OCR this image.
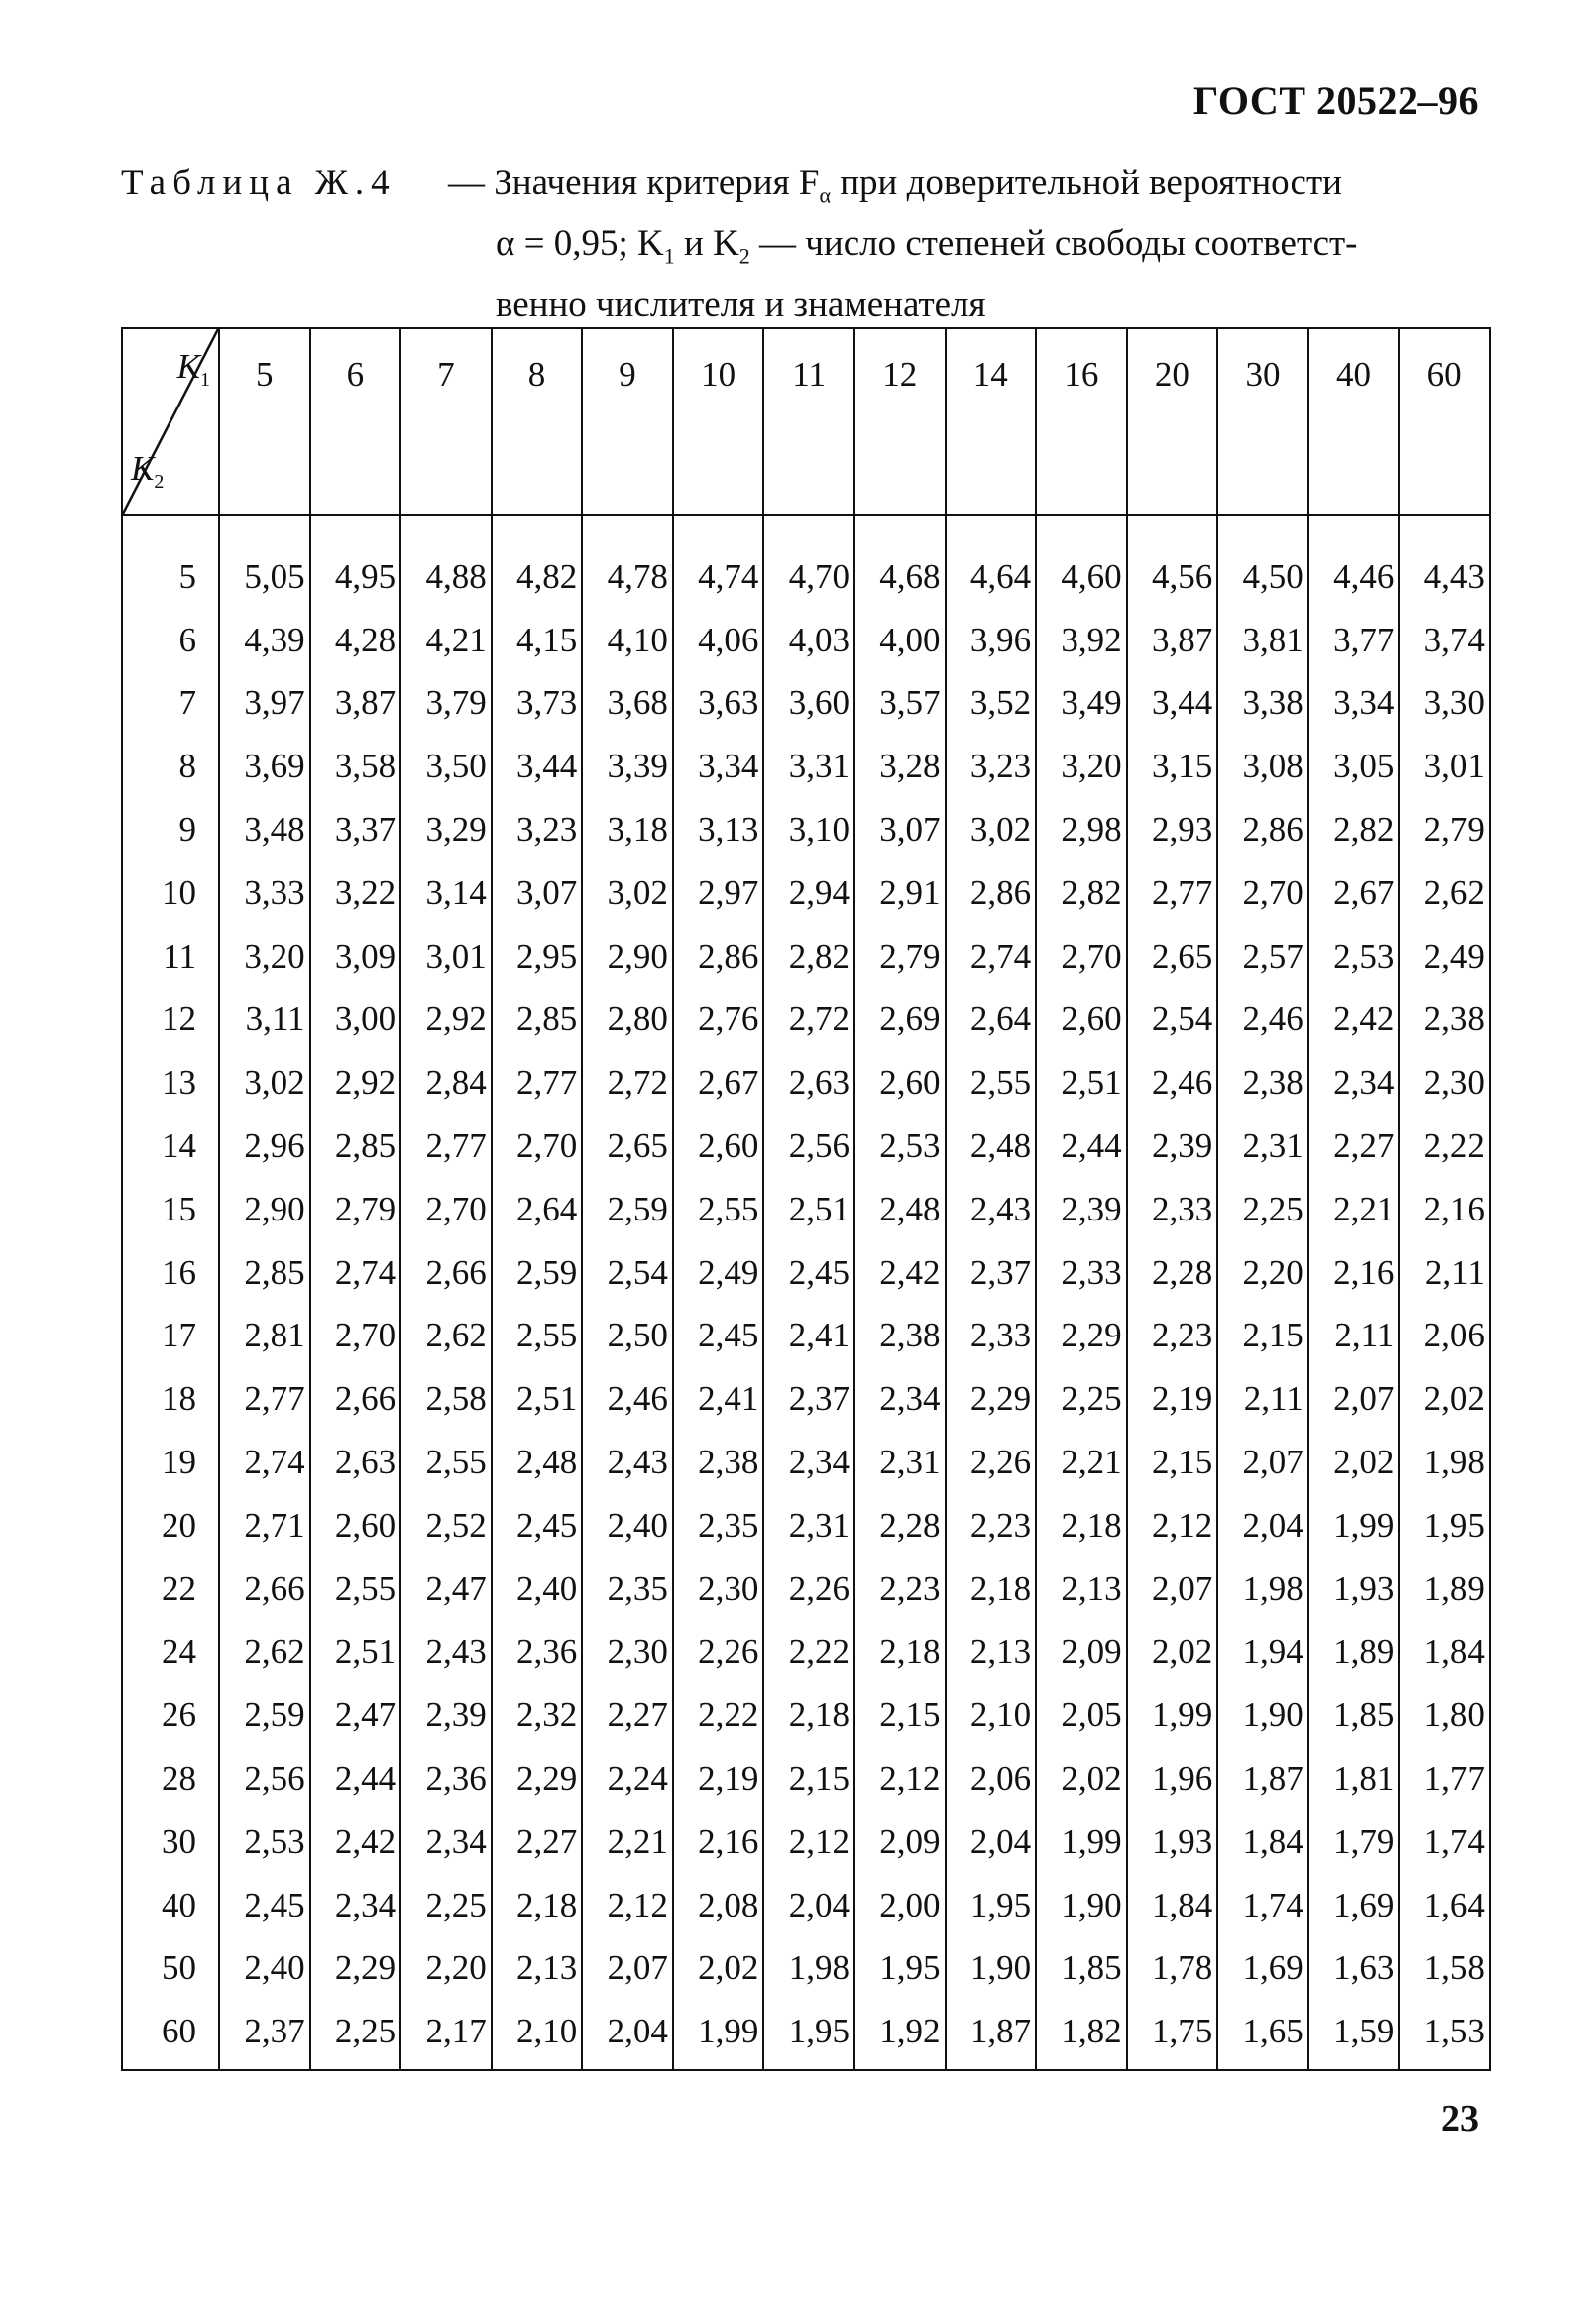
ГОСТ 20522–96
Таблица Ж.4 — Значения критерия $F_\alpha$ при доверительной вероятности
α = 0,95; $K_1$ и $K_2$ — число степеней свободы соответст-
венно числителя и знаменателя
$K_1$
$K_2$	5	6	7	8	9	10	11	12	14	16	20	30	40	60
5	5,05	4,95	4,88	4,82	4,78	4,74	4,70	4,68	4,64	4,60	4,56	4,50	4,46	4,43
6	4,39	4,28	4,21	4,15	4,10	4,06	4,03	4,00	3,96	3,92	3,87	3,81	3,77	3,74
7	3,97	3,87	3,79	3,73	3,68	3,63	3,60	3,57	3,52	3,49	3,44	3,38	3,34	3,30
8	3,69	3,58	3,50	3,44	3,39	3,34	3,31	3,28	3,23	3,20	3,15	3,08	3,05	3,01
9	3,48	3,37	3,29	3,23	3,18	3,13	3,10	3,07	3,02	2,98	2,93	2,86	2,82	2,79
10	3,33	3,22	3,14	3,07	3,02	2,97	2,94	2,91	2,86	2,82	2,77	2,70	2,67	2,62
11	3,20	3,09	3,01	2,95	2,90	2,86	2,82	2,79	2,74	2,70	2,65	2,57	2,53	2,49
12	3,11	3,00	2,92	2,85	2,80	2,76	2,72	2,69	2,64	2,60	2,54	2,46	2,42	2,38
13	3,02	2,92	2,84	2,77	2,72	2,67	2,63	2,60	2,55	2,51	2,46	2,38	2,34	2,30
14	2,96	2,85	2,77	2,70	2,65	2,60	2,56	2,53	2,48	2,44	2,39	2,31	2,27	2,22
15	2,90	2,79	2,70	2,64	2,59	2,55	2,51	2,48	2,43	2,39	2,33	2,25	2,21	2,16
16	2,85	2,74	2,66	2,59	2,54	2,49	2,45	2,42	2,37	2,33	2,28	2,20	2,16	2,11
17	2,81	2,70	2,62	2,55	2,50	2,45	2,41	2,38	2,33	2,29	2,23	2,15	2,11	2,06
18	2,77	2,66	2,58	2,51	2,46	2,41	2,37	2,34	2,29	2,25	2,19	2,11	2,07	2,02
19	2,74	2,63	2,55	2,48	2,43	2,38	2,34	2,31	2,26	2,21	2,15	2,07	2,02	1,98
20	2,71	2,60	2,52	2,45	2,40	2,35	2,31	2,28	2,23	2,18	2,12	2,04	1,99	1,95
22	2,66	2,55	2,47	2,40	2,35	2,30	2,26	2,23	2,18	2,13	2,07	1,98	1,93	1,89
24	2,62	2,51	2,43	2,36	2,30	2,26	2,22	2,18	2,13	2,09	2,02	1,94	1,89	1,84
26	2,59	2,47	2,39	2,32	2,27	2,22	2,18	2,15	2,10	2,05	1,99	1,90	1,85	1,80
28	2,56	2,44	2,36	2,29	2,24	2,19	2,15	2,12	2,06	2,02	1,96	1,87	1,81	1,77
30	2,53	2,42	2,34	2,27	2,21	2,16	2,12	2,09	2,04	1,99	1,93	1,84	1,79	1,74
40	2,45	2,34	2,25	2,18	2,12	2,08	2,04	2,00	1,95	1,90	1,84	1,74	1,69	1,64
50	2,40	2,29	2,20	2,13	2,07	2,02	1,98	1,95	1,90	1,85	1,78	1,69	1,63	1,58
60	2,37	2,25	2,17	2,10	2,04	1,99	1,95	1,92	1,87	1,82	1,75	1,65	1,59	1,53
23
